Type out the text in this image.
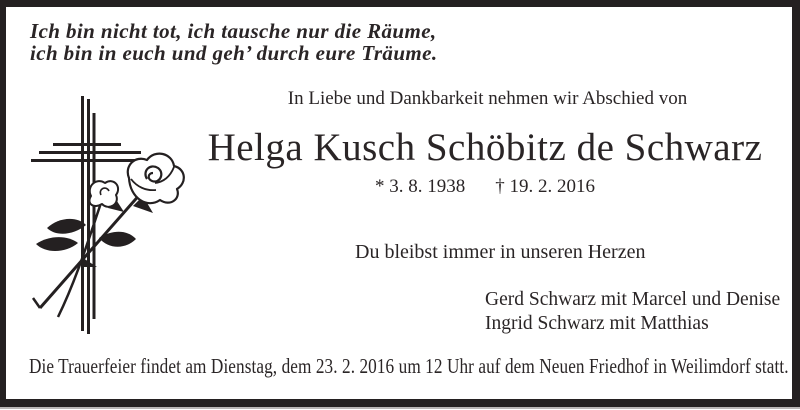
Ich bin nicht tot, ich tausche nur die Räume,
ich bin in euch und geh’ durch eure Träume.
In Liebe und Dankbarkeit nehmen wir Abschied von
Helga Kusch Schöbitz de Schwarz
* 3. 8. 1938 † 19. 2. 2016
Du bleibst immer in unseren Herzen
Gerd Schwarz mit Marcel und Denise
Ingrid Schwarz mit Matthias
Die Trauerfeier findet am Dienstag, dem 23. 2. 2016 um 12 Uhr auf dem Neuen Friedhof in Weilimdorf statt.
